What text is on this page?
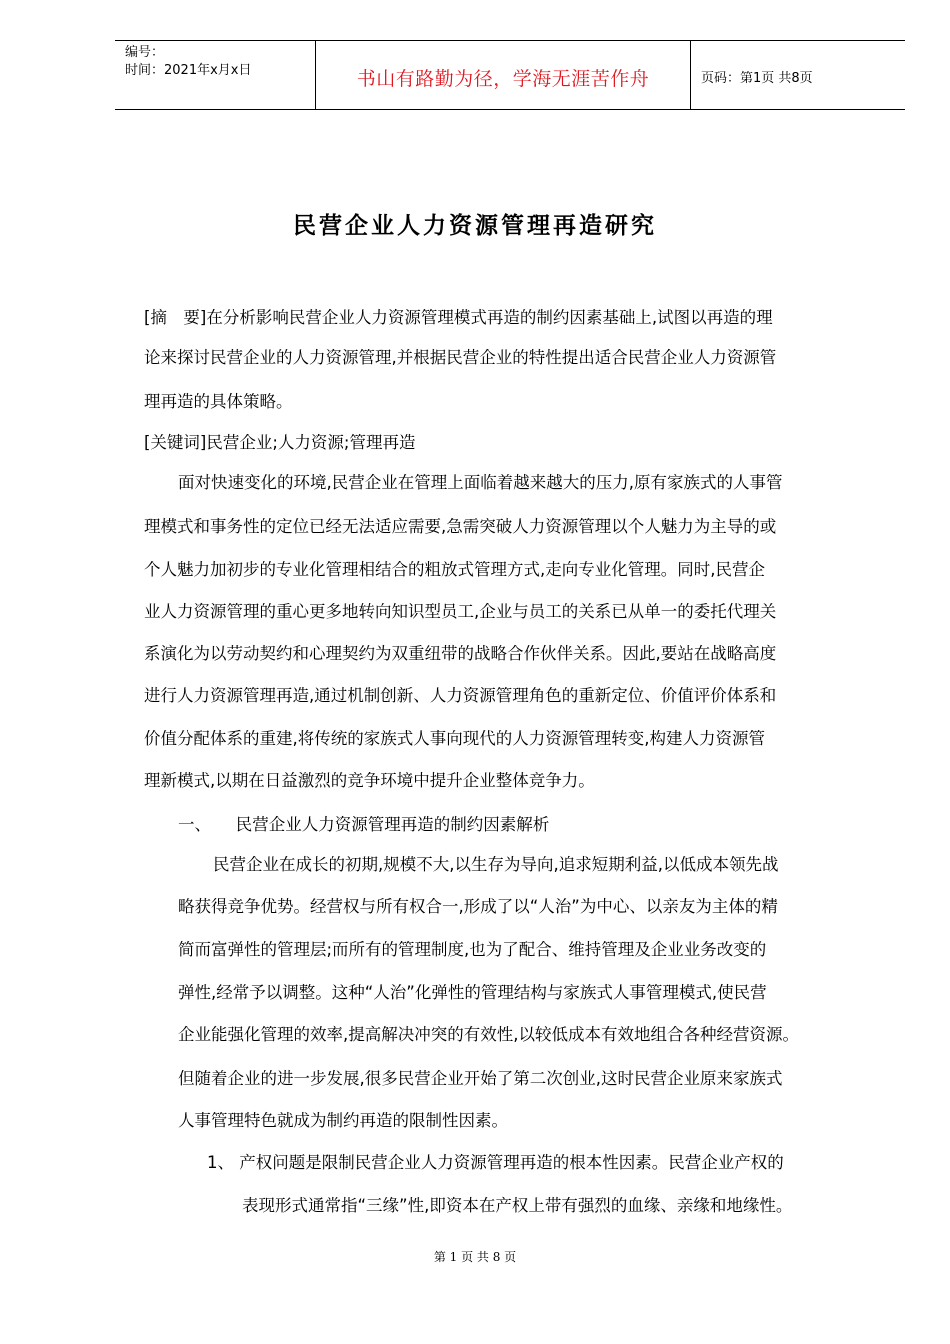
编号：
时间：2021年x月x日	书山有路勤为径，学海无涯苦作舟	页码：第1页 共8页
民营企业人力资源管理再造研究
[摘　要]在分析影响民营企业人力资源管理模式再造的制约因素基础上,试图以再造的理
论来探讨民营企业的人力资源管理,并根据民营企业的特性提出适合民营企业人力资源管
理再造的具体策略。
[关键词]民营企业;人力资源;管理再造
面对快速变化的环境,民营企业在管理上面临着越来越大的压力,原有家族式的人事管
理模式和事务性的定位已经无法适应需要,急需突破人力资源管理以个人魅力为主导的或
个人魅力加初步的专业化管理相结合的粗放式管理方式,走向专业化管理。同时,民营企
业人力资源管理的重心更多地转向知识型员工,企业与员工的关系已从单一的委托代理关
系演化为以劳动契约和心理契约为双重纽带的战略合作伙伴关系。因此,要站在战略高度
进行人力资源管理再造,通过机制创新、人力资源管理角色的重新定位、价值评价体系和
价值分配体系的重建,将传统的家族式人事向现代的人力资源管理转变,构建人力资源管
理新模式,以期在日益激烈的竞争环境中提升企业整体竞争力。
一、　　民营企业人力资源管理再造的制约因素解析
民营企业在成长的初期,规模不大,以生存为导向,追求短期利益,以低成本领先战
略获得竞争优势。经营权与所有权合一,形成了以“人治”为中心、以亲友为主体的精
简而富弹性的管理层;而所有的管理制度,也为了配合、维持管理及企业业务改变的
弹性,经常予以调整。这种“人治”化弹性的管理结构与家族式人事管理模式,使民营
企业能强化管理的效率,提高解决冲突的有效性,以较低成本有效地组合各种经营资源。
但随着企业的进一步发展,很多民营企业开始了第二次创业,这时民营企业原来家族式
人事管理特色就成为制约再造的限制性因素。
1、 产权问题是限制民营企业人力资源管理再造的根本性因素。民营企业产权的
表现形式通常指“三缘”性,即资本在产权上带有强烈的血缘、亲缘和地缘性。
第 1 页 共 8 页
